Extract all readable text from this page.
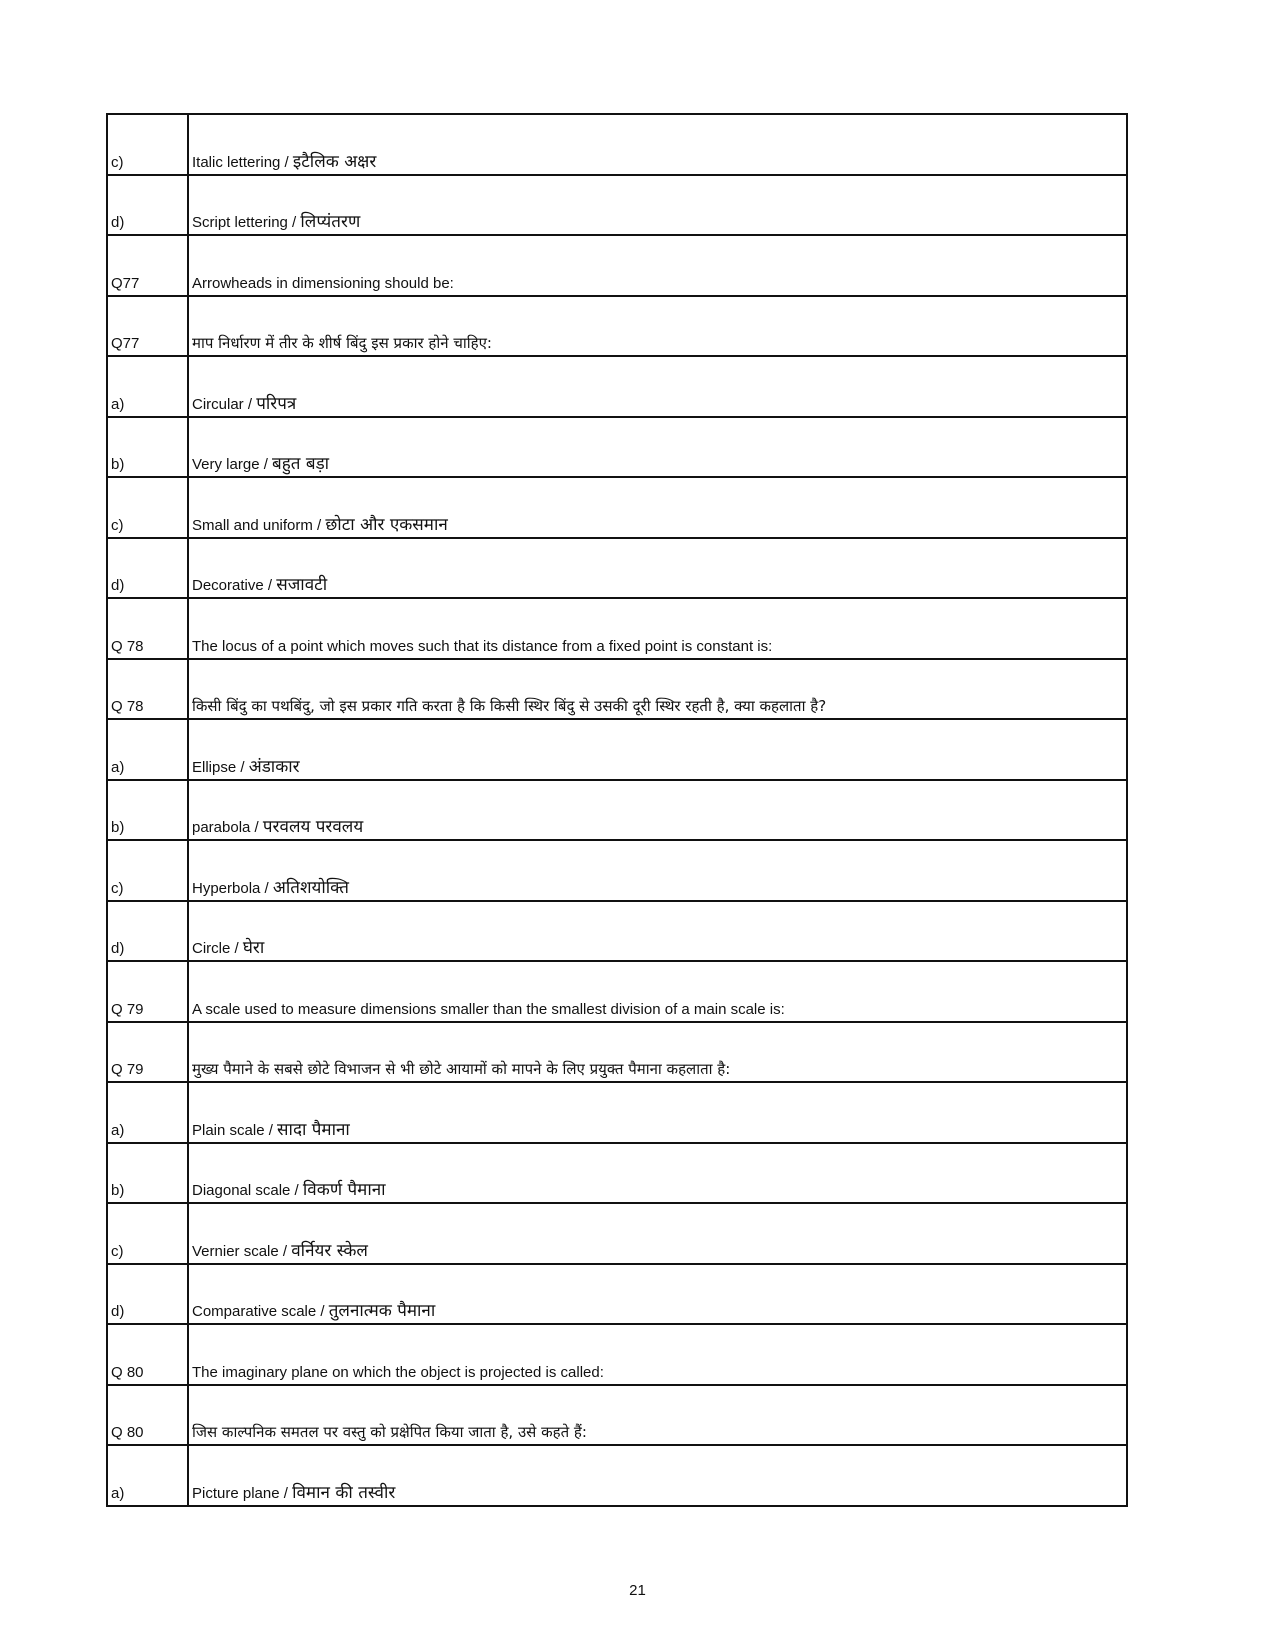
c)	Italic lettering / इटैलिक अक्षर
d)	Script lettering / लिप्यंतरण
Q77	Arrowheads in dimensioning should be:
Q77	माप निर्धारण में तीर के शीर्ष बिंदु इस प्रकार होने चाहिए:
a)	Circular / परिपत्र
b)	Very large / बहुत बड़ा
c)	Small and uniform / छोटा और एकसमान
d)	Decorative / सजावटी
Q 78	The locus of a point which moves such that its distance from a fixed point is constant is:
Q 78	किसी बिंदु का पथबिंदु, जो इस प्रकार गति करता है कि किसी स्थिर बिंदु से उसकी दूरी स्थिर रहती है, क्या कहलाता है?
a)	Ellipse / अंडाकार
b)	parabola / परवलय परवलय
c)	Hyperbola / अतिशयोक्ति
d)	Circle / घेरा
Q 79	A scale used to measure dimensions smaller than the smallest division of a main scale is:
Q 79	मुख्य पैमाने के सबसे छोटे विभाजन से भी छोटे आयामों को मापने के लिए प्रयुक्त पैमाना कहलाता है:
a)	Plain scale / सादा पैमाना
b)	Diagonal scale / विकर्ण पैमाना
c)	Vernier scale / वर्नियर स्केल
d)	Comparative scale / तुलनात्मक पैमाना
Q 80	The imaginary plane on which the object is projected is called:
Q 80	जिस काल्पनिक समतल पर वस्तु को प्रक्षेपित किया जाता है, उसे कहते हैं:
a)	Picture plane / विमान की तस्वीर
21
